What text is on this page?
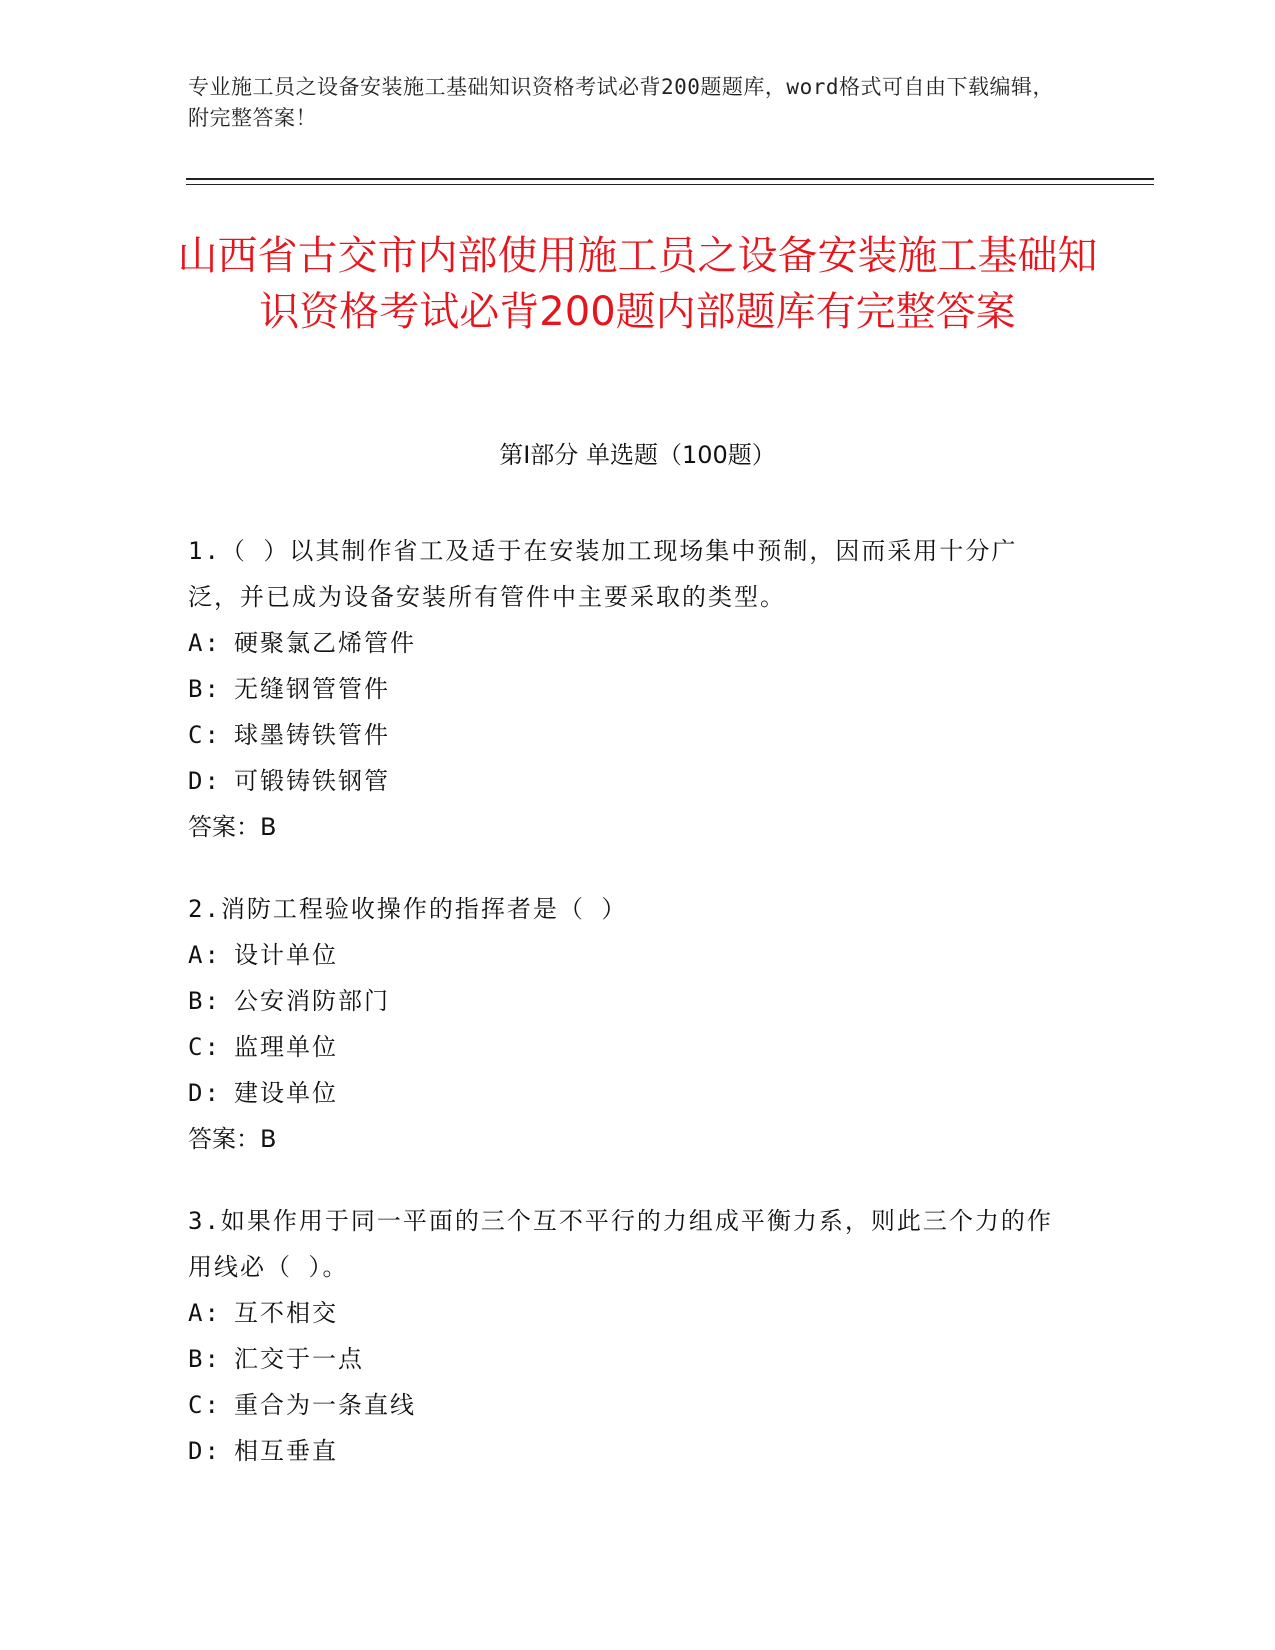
专业施工员之设备安装施工基础知识资格考试必背200题题库，word格式可自由下载编辑，附完整答案！
山西省古交市内部使用施工员之设备安装施工基础知识资格考试必背200题内部题库有完整答案
第I部分 单选题（100题）

1.（ ）以其制作省工及适于在安装加工现场集中预制，因而采用十分广泛，并已成为设备安装所有管件中主要采取的类型。

A: 硬聚氯乙烯管件

B: 无缝钢管管件

C: 球墨铸铁管件

D: 可锻铸铁钢管

答案：B

2.消防工程验收操作的指挥者是（ ）

A: 设计单位

B: 公安消防部门

C: 监理单位

D: 建设单位

答案：B

3.如果作用于同一平面的三个互不平行的力组成平衡力系，则此三个力的作用线必（ ）。

A: 互不相交

B: 汇交于一点

C: 重合为一条直线

D: 相互垂直
